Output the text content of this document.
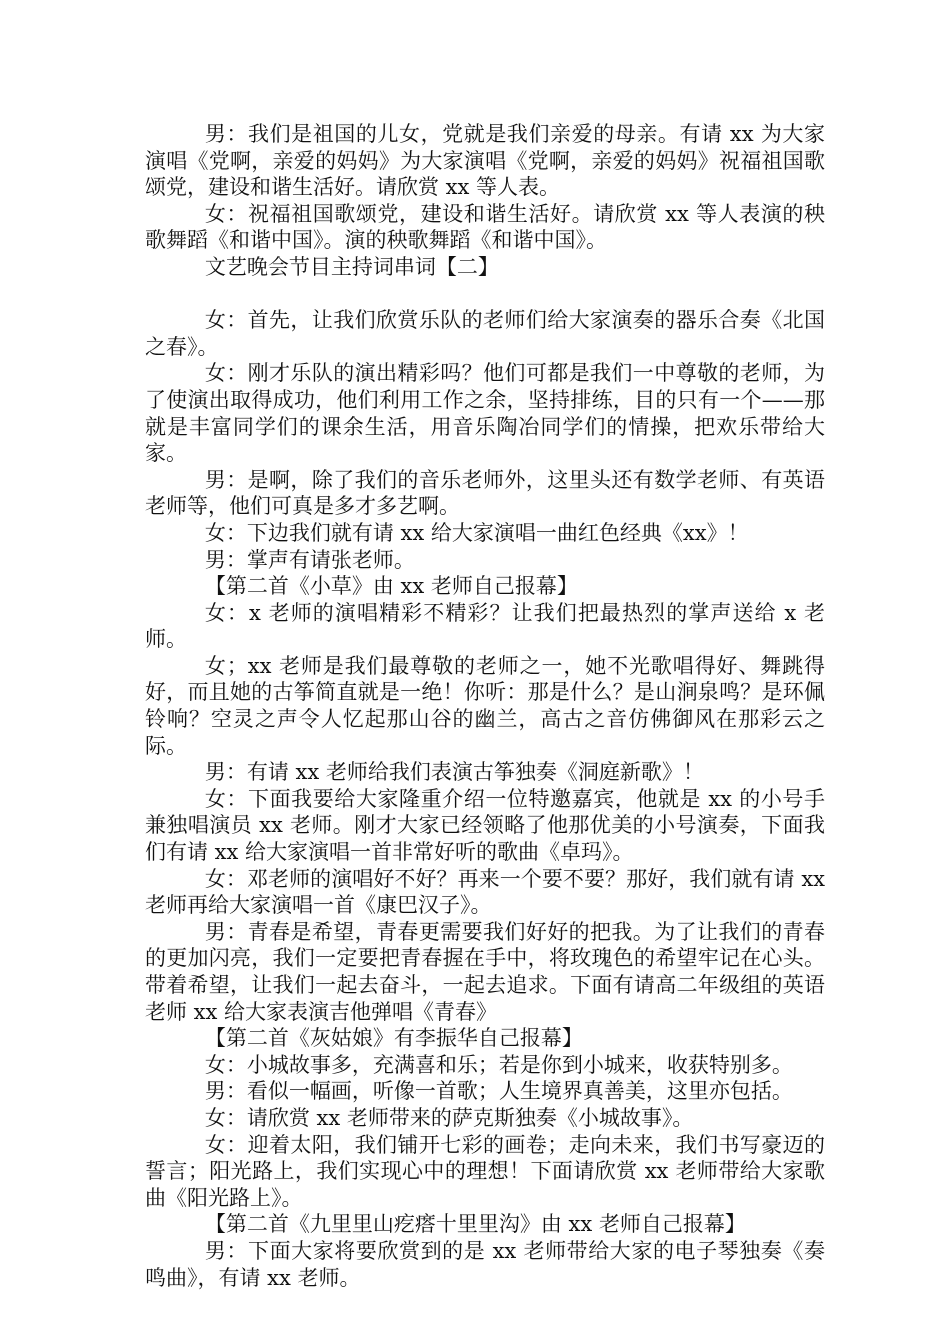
男：我们是祖国的儿女，党就是我们亲爱的母亲。有请 xx 为大家演唱《党啊，亲爱的妈妈》为大家演唱《党啊，亲爱的妈妈》祝福祖国歌颂党，建设和谐生活好。请欣赏 xx 等人表。

女：祝福祖国歌颂党，建设和谐生活好。请欣赏 xx 等人表演的秧歌舞蹈《和谐中国》。演的秧歌舞蹈《和谐中国》。

文艺晚会节目主持词串词【二】

女：首先，让我们欣赏乐队的老师们给大家演奏的器乐合奏《北国之春》。

女：刚才乐队的演出精彩吗？他们可都是我们一中尊敬的老师，为了使演出取得成功，他们利用工作之余，坚持排练，目的只有一个——那就是丰富同学们的课余生活，用音乐陶冶同学们的情操，把欢乐带给大家。

男：是啊，除了我们的音乐老师外，这里头还有数学老师、有英语老师等，他们可真是多才多艺啊。

女：下边我们就有请 xx 给大家演唱一曲红色经典《xx》！

男：掌声有请张老师。

【第二首《小草》由 xx 老师自己报幕】

女：x 老师的演唱精彩不精彩？让我们把最热烈的掌声送给 x 老师。

女；xx 老师是我们最尊敬的老师之一，她不光歌唱得好、舞跳得好，而且她的古筝简直就是一绝！你听：那是什么？是山涧泉鸣？是环佩铃响？空灵之声令人忆起那山谷的幽兰，高古之音仿佛御风在那彩云之际。

男：有请 xx 老师给我们表演古筝独奏《洞庭新歌》！

女：下面我要给大家隆重介绍一位特邀嘉宾，他就是 xx 的小号手兼独唱演员 xx 老师。刚才大家已经领略了他那优美的小号演奏，下面我们有请 xx 给大家演唱一首非常好听的歌曲《卓玛》。

女：邓老师的演唱好不好？再来一个要不要？那好，我们就有请 xx 老师再给大家演唱一首《康巴汉子》。

男：青春是希望，青春更需要我们好好的把我。为了让我们的青春的更加闪亮，我们一定要把青春握在手中，将玫瑰色的希望牢记在心头。带着希望，让我们一起去奋斗，一起去追求。下面有请高二年级组的英语老师 xx 给大家表演吉他弹唱《青春》

【第二首《灰姑娘》有李振华自己报幕】

女：小城故事多，充满喜和乐；若是你到小城来，收获特别多。

男：看似一幅画，听像一首歌；人生境界真善美，这里亦包括。

女：请欣赏 xx 老师带来的萨克斯独奏《小城故事》。

女：迎着太阳，我们铺开七彩的画卷；走向未来，我们书写豪迈的誓言；阳光路上，我们实现心中的理想！下面请欣赏 xx 老师带给大家歌曲《阳光路上》。

【第二首《九里里山疙瘩十里里沟》由 xx 老师自己报幕】

男：下面大家将要欣赏到的是 xx 老师带给大家的电子琴独奏《奏鸣曲》，有请 xx 老师。
